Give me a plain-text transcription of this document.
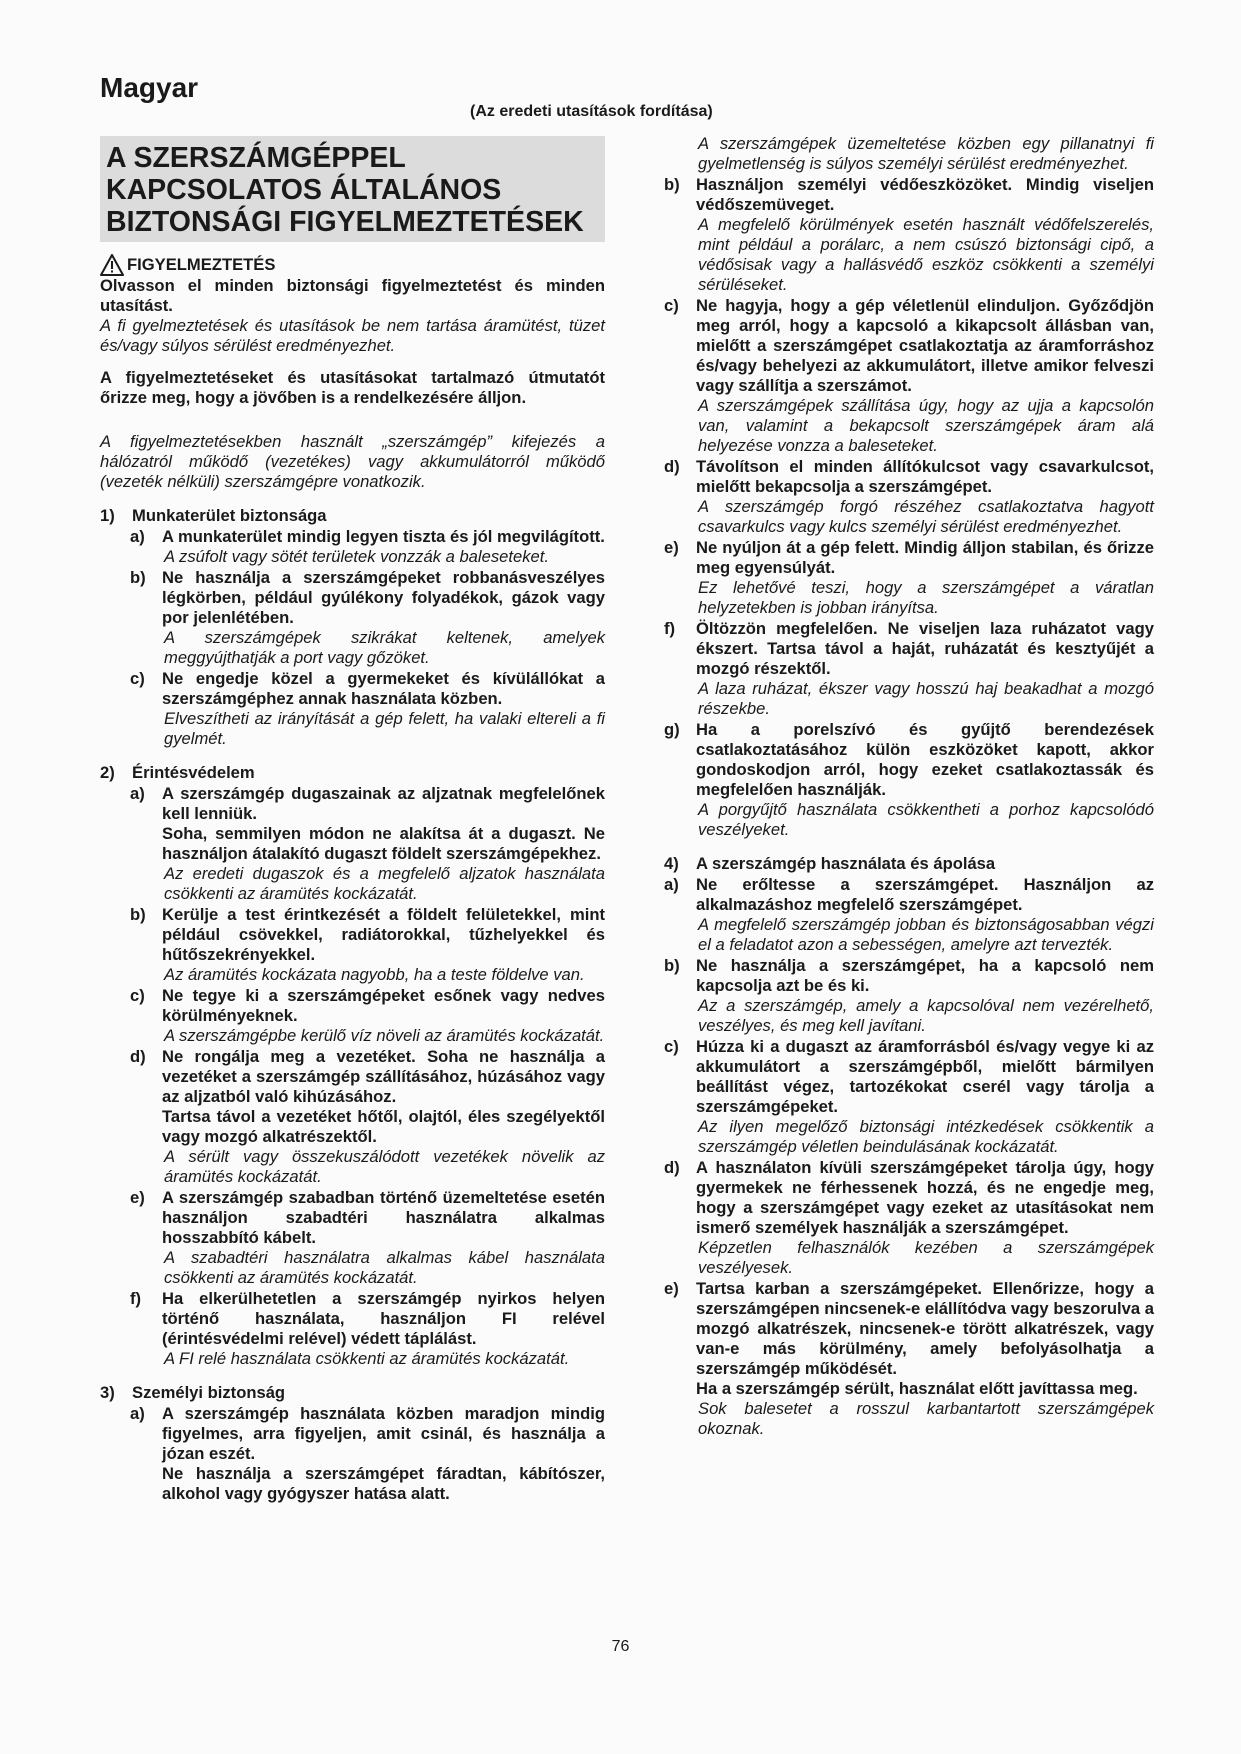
Magyar
(Az eredeti utasítások fordítása)
A SZERSZÁMGÉPPEL
KAPCSOLATOS ÁLTALÁNOS
BIZTONSÁGI FIGYELMEZTETÉSEK
FIGYELMEZTETÉS

Olvasson el minden biztonsági figyelmeztetést és minden utasítást.

A fi gyelmeztetések és utasítások be nem tartása áramütést, tüzet és/vagy súlyos sérülést eredményezhet.

A figyelmeztetéseket és utasításokat tartalmazó útmutatót őrizze meg, hogy a jövőben is a rendelkezésére álljon.

A figyelmeztetésekben használt „szerszámgép” kifejezés a hálózatról működő (vezetékes) vagy akkumulátorról működő (vezeték nélküli) szerszámgépre vonatkozik.

1)	Munkaterület biztonsága
a)	A munkaterület mindig legyen tiszta és jól megvilágított.

A zsúfolt vagy sötét területek vonzzák a baleseteket.

b) Ne használja a szerszámgépeket robbanásveszélyes légkörben, például gyúlékony folyadékok, gázok vagy por jelenlétében.

A szerszámgépek szikrákat keltenek, amelyek meggyújthatják a port vagy gőzöket.

c)	Ne engedje közel a gyermekeket és kívülállókat a szerszámgéphez annak használata közben.

Elveszítheti az irányítását a gép felett, ha valaki eltereli a fi gyelmét.

2)	Érintésvédelem
a)	A szerszámgép dugaszainak az aljzatnak megfelelőnek kell lenniük.

Soha, semmilyen módon ne alakítsa át a dugaszt. Ne használjon átalakító dugaszt földelt szerszámgépekhez.

Az eredeti dugaszok és a megfelelő aljzatok használata csökkenti az áramütés kockázatát.

b) Kerülje a test érintkezését a földelt felületekkel, mint például csövekkel, radiátorokkal, tűzhelyekkel és hűtőszekrényekkel.

Az áramütés kockázata nagyobb, ha a teste földelve van.

c)	Ne tegye ki a szerszámgépeket esőnek vagy nedves körülményeknek.

A szerszámgépbe kerülő víz növeli az áramütés kockázatát.

d) Ne rongálja meg a vezetéket. Soha ne használja a vezetéket a szerszámgép szállításához, húzásához vagy az aljzatból való kihúzásához.

Tartsa távol a vezetéket hőtől, olajtól, éles szegélyektől vagy mozgó alkatrészektől.

A sérült vagy összekuszálódott vezetékek növelik az áramütés kockázatát.

e)	A szerszámgép szabadban történő üzemeltetése esetén használjon szabadtéri használatra alkalmas hosszabbító kábelt.

A szabadtéri használatra alkalmas kábel használata csökkenti az áramütés kockázatát.

f)	Ha elkerülhetetlen a szerszámgép nyirkos helyen történő használata, használjon FI relével (érintésvédelmi relével) védett táplálást.

A FI relé használata csökkenti az áramütés kockázatát.

3)	Személyi biztonság
a)	A szerszámgép használata közben maradjon mindig figyelmes, arra figyeljen, amit csinál, és használja a józan eszét.

Ne használja a szerszámgépet fáradtan, kábítószer, alkohol vagy gyógyszer hatása alatt.

A szerszámgépek üzemeltetése közben egy pillanatnyi fi gyelmetlenség is súlyos személyi sérülést eredményezhet.

b) Használjon személyi védőeszközöket. Mindig viseljen védőszemüveget.

A megfelelő körülmények esetén használt védőfelszerelés, mint például a porálarc, a nem csúszó biztonsági cipő, a védősisak vagy a hallásvédő eszköz csökkenti a személyi sérüléseket.

c)	Ne hagyja, hogy a gép véletlenül elinduljon. Győződjön meg arról, hogy a kapcsoló a kikapcsolt állásban van, mielőtt a szerszámgépet csatlakoztatja az áramforráshoz és/vagy behelyezi az akkumulátort, illetve amikor felveszi vagy szállítja a szerszámot.

A szerszámgépek szállítása úgy, hogy az ujja a kapcsolón van, valamint a bekapcsolt szerszámgépek áram alá helyezése vonzza a baleseteket.

d) Távolítson el minden állítókulcsot vagy csavarkulcsot, mielőtt bekapcsolja a szerszámgépet.

A szerszámgép forgó részéhez csatlakoztatva hagyott csavarkulcs vagy kulcs személyi sérülést eredményezhet.

e)	Ne nyúljon át a gép felett. Mindig álljon stabilan, és őrizze meg egyensúlyát.

Ez lehetővé teszi, hogy a szerszámgépet a váratlan helyzetekben is jobban irányítsa.

f)	Öltözzön megfelelően. Ne viseljen laza ruházatot vagy ékszert. Tartsa távol a haját, ruházatát és kesztyűjét a mozgó részektől.

A laza ruházat, ékszer vagy hosszú haj beakadhat a mozgó részekbe.

g) Ha a porelszívó és gyűjtő berendezések csatlakoztatásához külön eszközöket kapott, akkor gondoskodjon arról, hogy ezeket csatlakoztassák és megfelelően használják.

A porgyűjtő használata csökkentheti a porhoz kapcsolódó veszélyeket.

4)	A szerszámgép használata és ápolása
a)	Ne erőltesse a szerszámgépet. Használjon az alkalmazáshoz megfelelő szerszámgépet.

A megfelelő szerszámgép jobban és biztonságosabban végzi el a feladatot azon a sebességen, amelyre azt tervezték.

b) Ne használja a szerszámgépet, ha a kapcsoló nem kapcsolja azt be és ki.

Az a szerszámgép, amely a kapcsolóval nem vezérelhető, veszélyes, és meg kell javítani.

c)	Húzza ki a dugaszt az áramforrásból és/vagy vegye ki az akkumulátort a szerszámgépből, mielőtt bármilyen beállítást végez, tartozékokat cserél vagy tárolja a szerszámgépeket.

Az ilyen megelőző biztonsági intézkedések csökkentik a szerszámgép véletlen beindulásának kockázatát.

d) A használaton kívüli szerszámgépeket tárolja úgy, hogy gyermekek ne férhessenek hozzá, és ne engedje meg, hogy a szerszámgépet vagy ezeket az utasításokat nem ismerő személyek használják a szerszámgépet.

Képzetlen felhasználók kezében a szerszámgépek veszélyesek.

e)	Tartsa karban a szerszámgépeket. Ellenőrizze, hogy a szerszámgépen nincsenek-e elállítódva vagy beszorulva a mozgó alkatrészek, nincsenek-e törött alkatrészek, vagy van-e más körülmény, amely befolyásolhatja a szerszámgép működését.

Ha a szerszámgép sérült, használat előtt javíttassa meg.

Sok balesetet a rosszul karbantartott szerszámgépek okoznak.

76
